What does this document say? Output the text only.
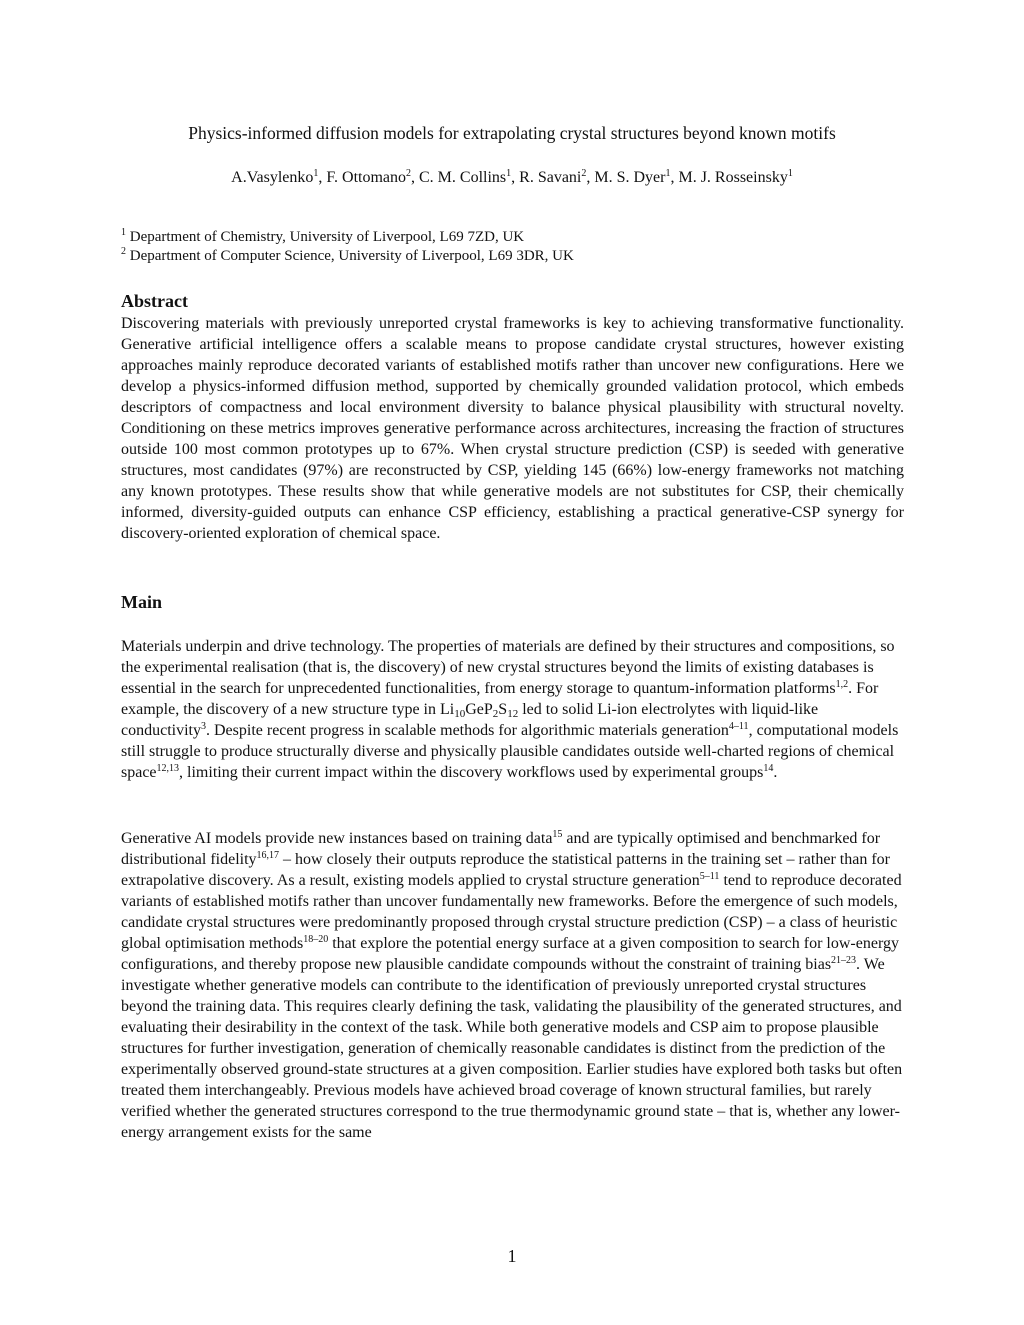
Physics-informed diffusion models for extrapolating crystal structures beyond known motifs
A.Vasylenko$^1$, F. Ottomano$^2$, C. M. Collins$^1$, R. Savani$^2$, M. S. Dyer$^1$, M. J. Rosseinsky$^1$
$^1$ Department of Chemistry, University of Liverpool, L69 7ZD, UK
$^2$ Department of Computer Science, University of Liverpool, L69 3DR, UK
Abstract

Discovering materials with previously unreported crystal frameworks is key to achieving transformative functionality. Generative artificial intelligence offers a scalable means to propose candidate crystal structures, however existing approaches mainly reproduce decorated variants of established motifs rather than uncover new configurations. Here we develop a physics-informed diffusion method, supported by chemically grounded validation protocol, which embeds descriptors of compactness and local environment diversity to balance physical plausibility with structural novelty. Conditioning on these metrics improves generative performance across architectures, increasing the fraction of structures outside 100 most common prototypes up to 67%. When crystal structure prediction (CSP) is seeded with generative structures, most candidates (97%) are reconstructed by CSP, yielding 145 (66%) low-energy frameworks not matching any known prototypes. These results show that while generative models are not substitutes for CSP, their chemically informed, diversity-guided outputs can enhance CSP efficiency, establishing a practical generative-CSP synergy for discovery-oriented exploration of chemical space.

Main

Materials underpin and drive technology. The properties of materials are defined by their structures and compositions, so the experimental realisation (that is, the discovery) of new crystal structures beyond the limits of existing databases is essential in the search for unprecedented functionalities, from energy storage to quantum-information platforms$^{1,2}$. For example, the discovery of a new structure type in $Li_{10}GeP_2S_{12}$ led to solid Li-ion electrolytes with liquid-like conductivity$^3$. Despite recent progress in scalable methods for algorithmic materials generation$^{4-11}$, computational models still struggle to produce structurally diverse and physically plausible candidates outside well-charted regions of chemical space$^{12,13}$, limiting their current impact within the discovery workflows used by experimental groups$^{14}$.

Generative AI models provide new instances based on training data$^{15}$ and are typically optimised and benchmarked for distributional fidelity$^{16,17}$ – how closely their outputs reproduce the statistical patterns in the training set – rather than for extrapolative discovery. As a result, existing models applied to crystal structure generation$^{5-11}$ tend to reproduce decorated variants of established motifs rather than uncover fundamentally new frameworks. Before the emergence of such models, candidate crystal structures were predominantly proposed through crystal structure prediction (CSP) – a class of heuristic global optimisation methods$^{18-20}$ that explore the potential energy surface at a given composition to search for low-energy configurations, and thereby propose new plausible candidate compounds without the constraint of training bias$^{21-23}$. We investigate whether generative models can contribute to the identification of previously unreported crystal structures beyond the training data. This requires clearly defining the task, validating the plausibility of the generated structures, and evaluating their desirability in the context of the task. While both generative models and CSP aim to propose plausible structures for further investigation, generation of chemically reasonable candidates is distinct from the prediction of the experimentally observed ground-state structures at a given composition. Earlier studies have explored both tasks but often treated them interchangeably. Previous models have achieved broad coverage of known structural families, but rarely verified whether the generated structures correspond to the true thermodynamic ground state – that is, whether any lower-energy arrangement exists for the same

1
